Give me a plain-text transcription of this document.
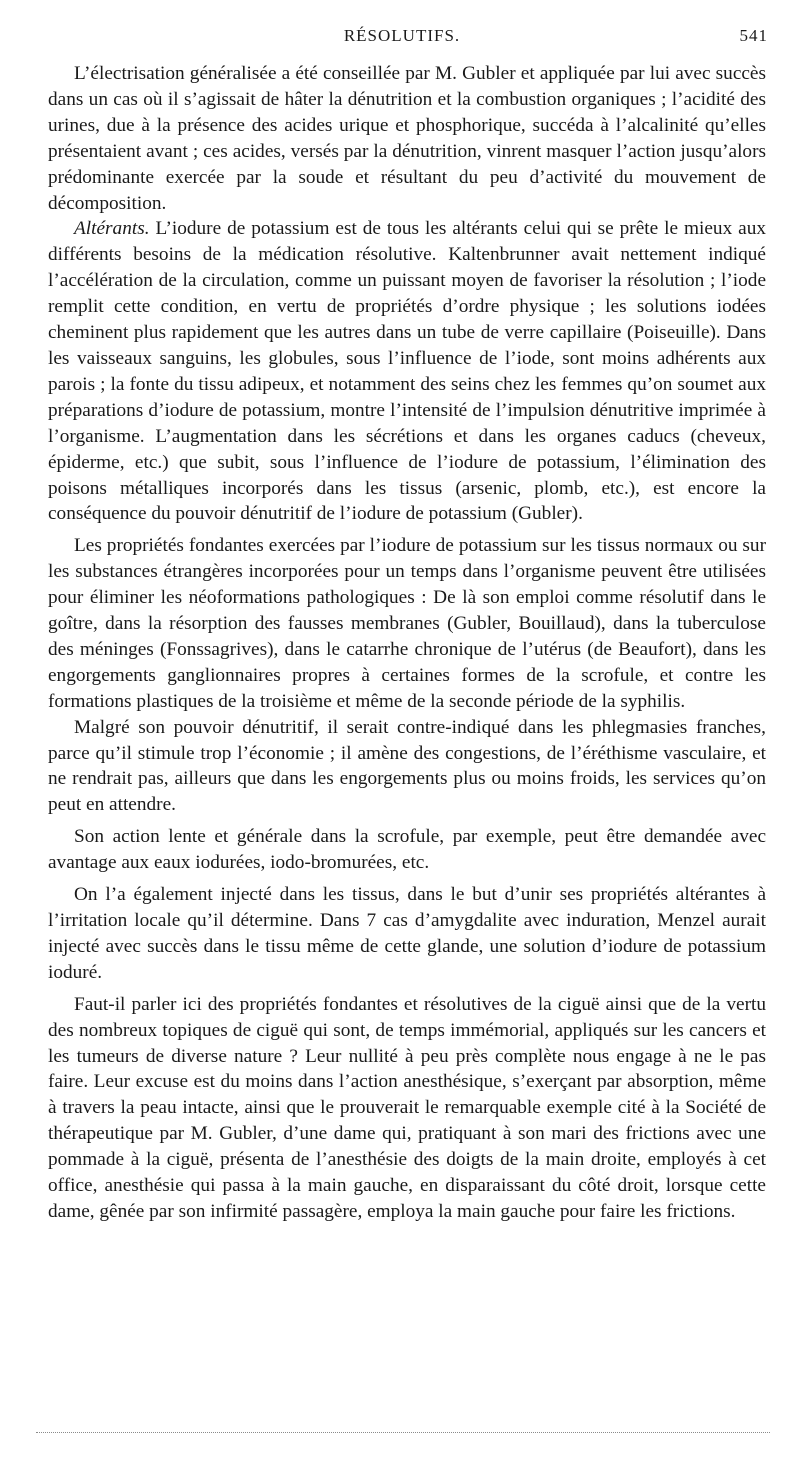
RÉSOLUTIFS.	541

L’électrisation généralisée a été conseillée par M. Gubler et appliquée par lui avec succès dans un cas où il s’agissait de hâter la dénutrition et la combustion organiques ; l’acidité des urines, due à la présence des acides urique et phosphorique, succéda à l’alcalinité qu’elles présentaient avant ; ces acides, versés par la dénutrition, vinrent masquer l’action jusqu’alors prédominante exercée par la soude et résultant du peu d’activité du mouvement de décomposition.

Altérants. L’iodure de potassium est de tous les altérants celui qui se prête le mieux aux différents besoins de la médication résolutive. Kaltenbrunner avait nettement indiqué l’accélération de la circulation, comme un puissant moyen de favoriser la résolution ; l’iode remplit cette condition, en vertu de propriétés d’ordre physique ; les solutions iodées cheminent plus rapidement que les autres dans un tube de verre capillaire (Poiseuille). Dans les vaisseaux sanguins, les globules, sous l’influence de l’iode, sont moins adhérents aux parois ; la fonte du tissu adipeux, et notamment des seins chez les femmes qu’on soumet aux préparations d’iodure de potassium, montre l’intensité de l’impulsion dénutritive imprimée à l’organisme. L’augmentation dans les sécrétions et dans les organes caducs (cheveux, épiderme, etc.) que subit, sous l’influence de l’iodure de potassium, l’élimination des poisons métalliques incorporés dans les tissus (arsenic, plomb, etc.), est encore la conséquence du pouvoir dénutritif de l’iodure de potassium (Gubler).

Les propriétés fondantes exercées par l’iodure de potassium sur les tissus normaux ou sur les substances étrangères incorporées pour un temps dans l’organisme peuvent être utilisées pour éliminer les néoformations pathologiques : De là son emploi comme résolutif dans le goître, dans la résorption des fausses membranes (Gubler, Bouillaud), dans la tuberculose des méninges (Fonssagrives), dans le catarrhe chronique de l’utérus (de Beaufort), dans les engorgements ganglionnaires propres à certaines formes de la scrofule, et contre les formations plastiques de la troisième et même de la seconde période de la syphilis.

Malgré son pouvoir dénutritif, il serait contre-indiqué dans les phlegmasies franches, parce qu’il stimule trop l’économie ; il amène des congestions, de l’éréthisme vasculaire, et ne rendrait pas, ailleurs que dans les engorgements plus ou moins froids, les services qu’on peut en attendre.

Son action lente et générale dans la scrofule, par exemple, peut être demandée avec avantage aux eaux iodurées, iodo-bromurées, etc.

On l’a également injecté dans les tissus, dans le but d’unir ses propriétés altérantes à l’irritation locale qu’il détermine. Dans 7 cas d’amygdalite avec induration, Menzel aurait injecté avec succès dans le tissu même de cette glande, une solution d’iodure de potassium ioduré.

Faut-il parler ici des propriétés fondantes et résolutives de la ciguë ainsi que de la vertu des nombreux topiques de ciguë qui sont, de temps immémorial, appliqués sur les cancers et les tumeurs de diverse nature ? Leur nullité à peu près complète nous engage à ne le pas faire. Leur excuse est du moins dans l’action anesthésique, s’exerçant par absorption, même à travers la peau intacte, ainsi que le prouverait le remarquable exemple cité à la Société de thérapeutique par M. Gubler, d’une dame qui, pratiquant à son mari des frictions avec une pommade à la ciguë, présenta de l’anesthésie des doigts de la main droite, employés à cet office, anesthésie qui passa à la main gauche, en disparaissant du côté droit, lorsque cette dame, gênée par son infirmité passagère, employa la main gauche pour faire les frictions.
